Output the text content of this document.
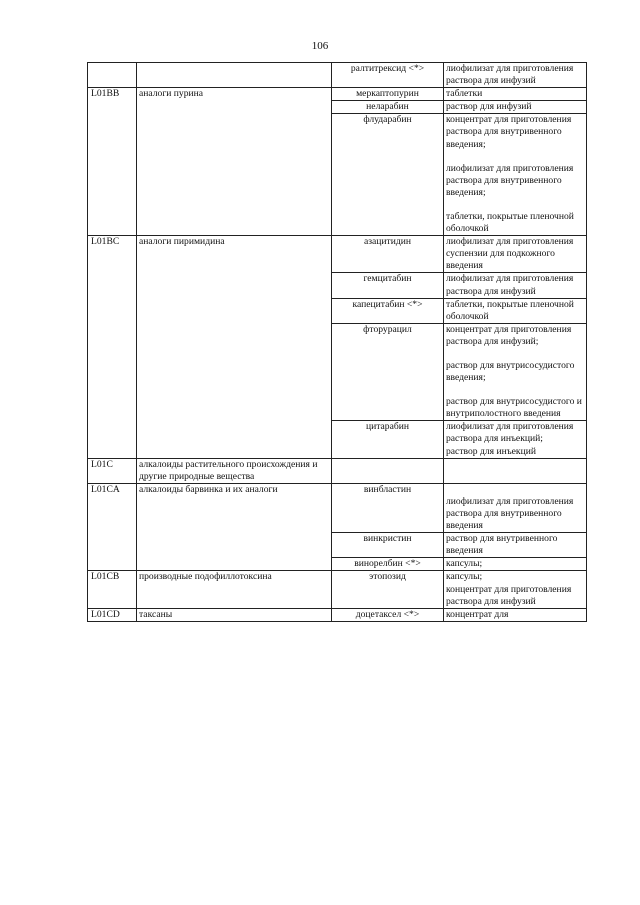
106
		ралтитрексид <*>	лиофилизат для приготовления раствора для инфузий

L01BB	аналоги пурина	меркаптопурин	таблетки

		неларабин	раствор для инфузий

		флударабин	концентрат для приготовления раствора для внутривенного введения;
лиофилизат для приготовления раствора для внутривенного введения;
таблетки, покрытые пленочной оболочкой

L01BC	аналоги пиримидина	азацитидин	лиофилизат для приготовления суспензии для подкожного введения

		гемцитабин	лиофилизат для приготовления раствора для инфузий

		капецитабин <*>	таблетки, покрытые пленочной оболочкой

		фторурацил	концентрат для приготовления раствора для инфузий;
раствор для внутрисосудистого введения;
раствор для внутрисосудистого и внутриполостного введения

		цитарабин	лиофилизат для приготовления раствора для инъекций;
раствор для инъекций

L01C	алкалоиды растительного происхождения и другие природные вещества		

L01CA	алкалоиды барвинка и их аналоги	винбластин	
лиофилизат для приготовления раствора для внутривенного введения

		винкристин	раствор для внутривенного введения

		винорелбин <*>	капсулы;

L01CB	производные подофиллотоксина	этопозид	капсулы;
концентрат для приготовления раствора для инфузий

L01CD	таксаны	доцетаксел <*>	концентрат для
